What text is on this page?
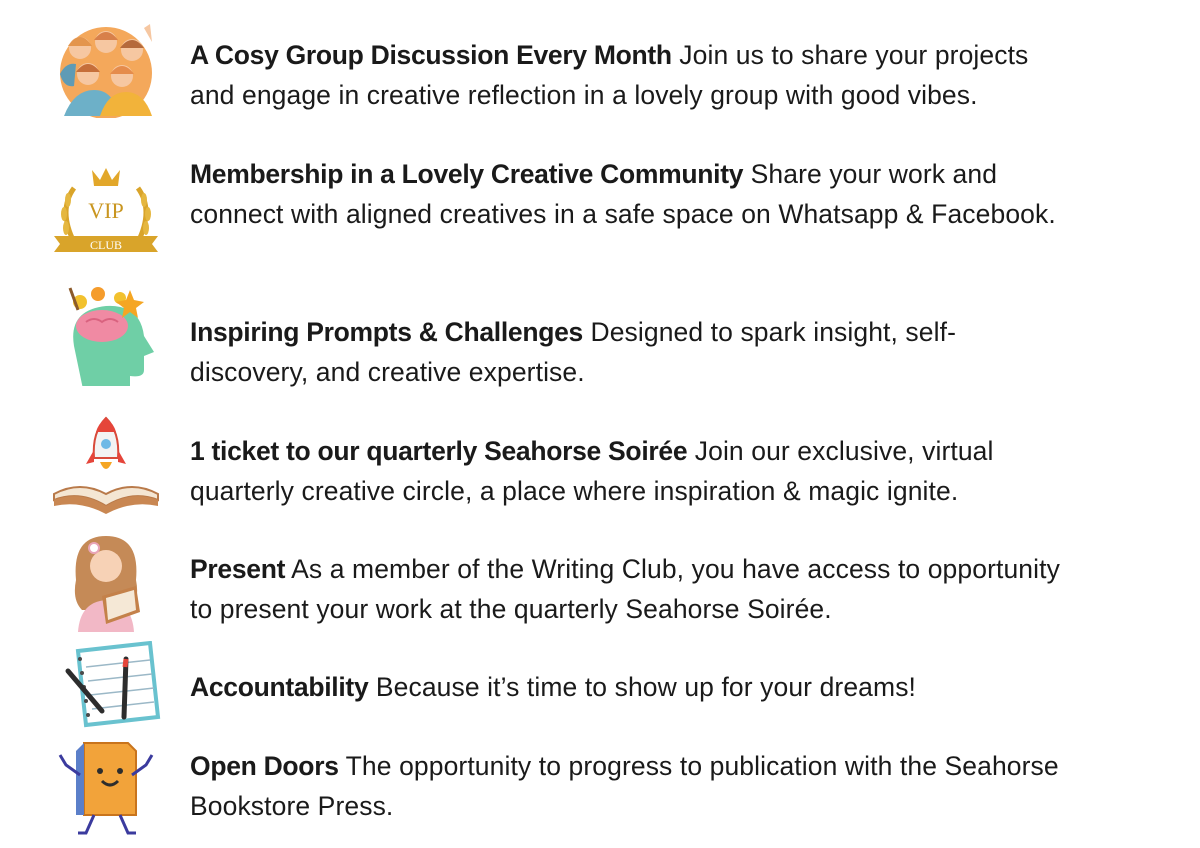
A Cosy Group Discussion Every Month Join us to share your projects and engage in creative reflection in a lovely group with good vibes.
VIP
CLUB
Membership in a Lovely Creative Community Share your work and connect with aligned creatives in a safe space on Whatsapp & Facebook.
Inspiring Prompts & Challenges Designed to spark insight, self-discovery, and creative expertise.
1 ticket to our quarterly Seahorse Soirée Join our exclusive, virtual quarterly creative circle, a place where inspiration & magic ignite.
Present As a member of the Writing Club, you have access to opportunity to present your work at the quarterly Seahorse Soirée.
Accountability Because it’s time to show up for your dreams!
Open Doors The opportunity to progress to publication with the Seahorse Bookstore Press.
